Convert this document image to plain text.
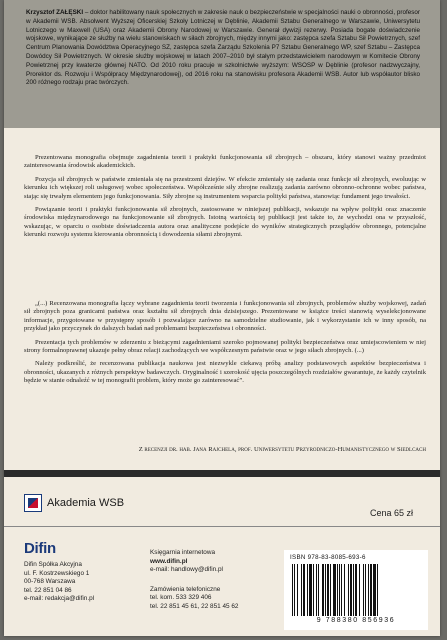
Krzysztof ZAŁĘSKI – doktor habilitowany nauk społecznych w zakresie nauk o bezpieczeństwie w specjalności nauki o obronności, profesor w Akademii WSB. Absolwent Wyższej Oficerskiej Szkoły Lotniczej w Dęblinie, Akademii Sztabu Generalnego w Warszawie, Uniwersytetu Lotniczego w Maxwell (USA) oraz Akademii Obrony Narodowej w Warszawie. Generał dywizji rezerwy. Posiada bogate doświadczenie wojskowe, wynikające ze służby na wielu stanowiskach w siłach zbrojnych, między innymi jako: zastępca szefa Sztabu Sił Powietrznych, szef Centrum Planowania Dowództwa Operacyjnego SZ, zastępca szefa Zarządu Szkolenia P7 Sztabu Generalnego WP, szef Sztabu – Zastępca Dowódcy Sił Powietrznych. W okresie służby wojskowej w latach 2007–2010 był stałym przedstawicielem narodowym w Komitecie Obrony Powietrznej przy kwaterze głównej NATO. Od 2010 roku pracuje w szkolnictwie wyższym: WSOSP w Dęblinie (profesor nadzwyczajny, Prorektor ds. Rozwoju i Współpracy Międzynarodowej), od 2016 roku na stanowisku profesora Akademii WSB. Autor lub współautor blisko 200 różnego rodzaju prac twórczych.

Prezentowana monografia obejmuje zagadnienia teorii i praktyki funkcjonowania sił zbrojnych – obszaru, który stanowi ważny przedmiot zainteresowania środowisk akademickich.

Pozycja sił zbrojnych w państwie zmieniała się na przestrzeni dziejów. W efekcie zmieniały się zadania oraz funkcje sił zbrojnych, ewoluując w kierunku ich większej roli usługowej wobec społeczeństwa. Współcześnie siły zbrojne realizują zadania zarówno obronno-ochronne wobec państwa, stając się trwałym elementem jego funkcjonowania. Siły zbrojne są instrumentem wsparcia polityki państwa, stanowiąc fundament jego trwałości.

Powiązanie teorii i praktyki funkcjonowania sił zbrojnych, zastosowane w niniejszej publikacji, wskazuje na wpływ polityki oraz znaczenie środowiska międzynarodowego na funkcjonowanie sił zbrojnych. Istotną wartością tej publikacji jest także to, że wychodzi ona w przyszłość, wskazując, w oparciu o osobiste doświadczenia autora oraz analityczne podejście do wyników strategicznych przeglądów obronnego, potencjalne kierunki rozwoju systemu kierowania obronnością i dowodzenia siłami zbrojnymi.

„(...) Recenzowana monografia łączy wybrane zagadnienia teorii tworzenia i funkcjonowania sił zbrojnych, problemów służby wojskowej, zadań sił zbrojnych poza granicami państwa oraz kształtu sił zbrojnych dnia dzisiejszego. Prezentowane w książce treści stanowią wyselekcjonowane informacje, przygotowane w przystępny sposób i pozwalające zarówno na samodzielne studiowanie, jak i wykorzystanie ich w inny sposób, na przykład jako przyczynek do dalszych badań nad problemami bezpieczeństwa i obronności.

Prezentacja tych problemów w zderzeniu z bieżącymi zagadnieniami szeroko pojmowanej polityki bezpieczeństwa oraz umiejscowieniem w niej strony formalnoprawnej ukazuje pełny obraz relacji zachodzących we współczesnym państwie oraz w jego siłach zbrojnych. (...)

Należy podkreślić, że recenzowana publikacja naukowa jest niezwykle ciekawą próbą analizy podstawowych aspektów bezpieczeństwa i obronności, ukazanych z różnych perspektyw badawczych. Oryginalność i szerokość ujęcia poszczególnych rozdziałów gwarantuje, że każdy czytelnik będzie w stanie odnaleźć w tej monografii problem, który może go zainteresować”.

Z recenzji dr. hab. Jana Rajchela, prof. Uniwersytetu Przyrodniczo-Humanistycznego w Siedlcach
Akademia WSB
Cena 65 zł
Difin
Difin Spółka Akcyjna
ul. F. Kostrzewskiego 1
00-768 Warszawa
tel. 22 851 04 86
e-mail: redakcja@difin.pl
Księgarnia internetowa
www.difin.pl
e-mail: handlowy@difin.pl
Zamówienia telefoniczne
tel. kom. 533 329 406
tel. 22 851 45 61, 22 851 45 62
ISBN 978-83-8085-693-6
9 788380 856936
